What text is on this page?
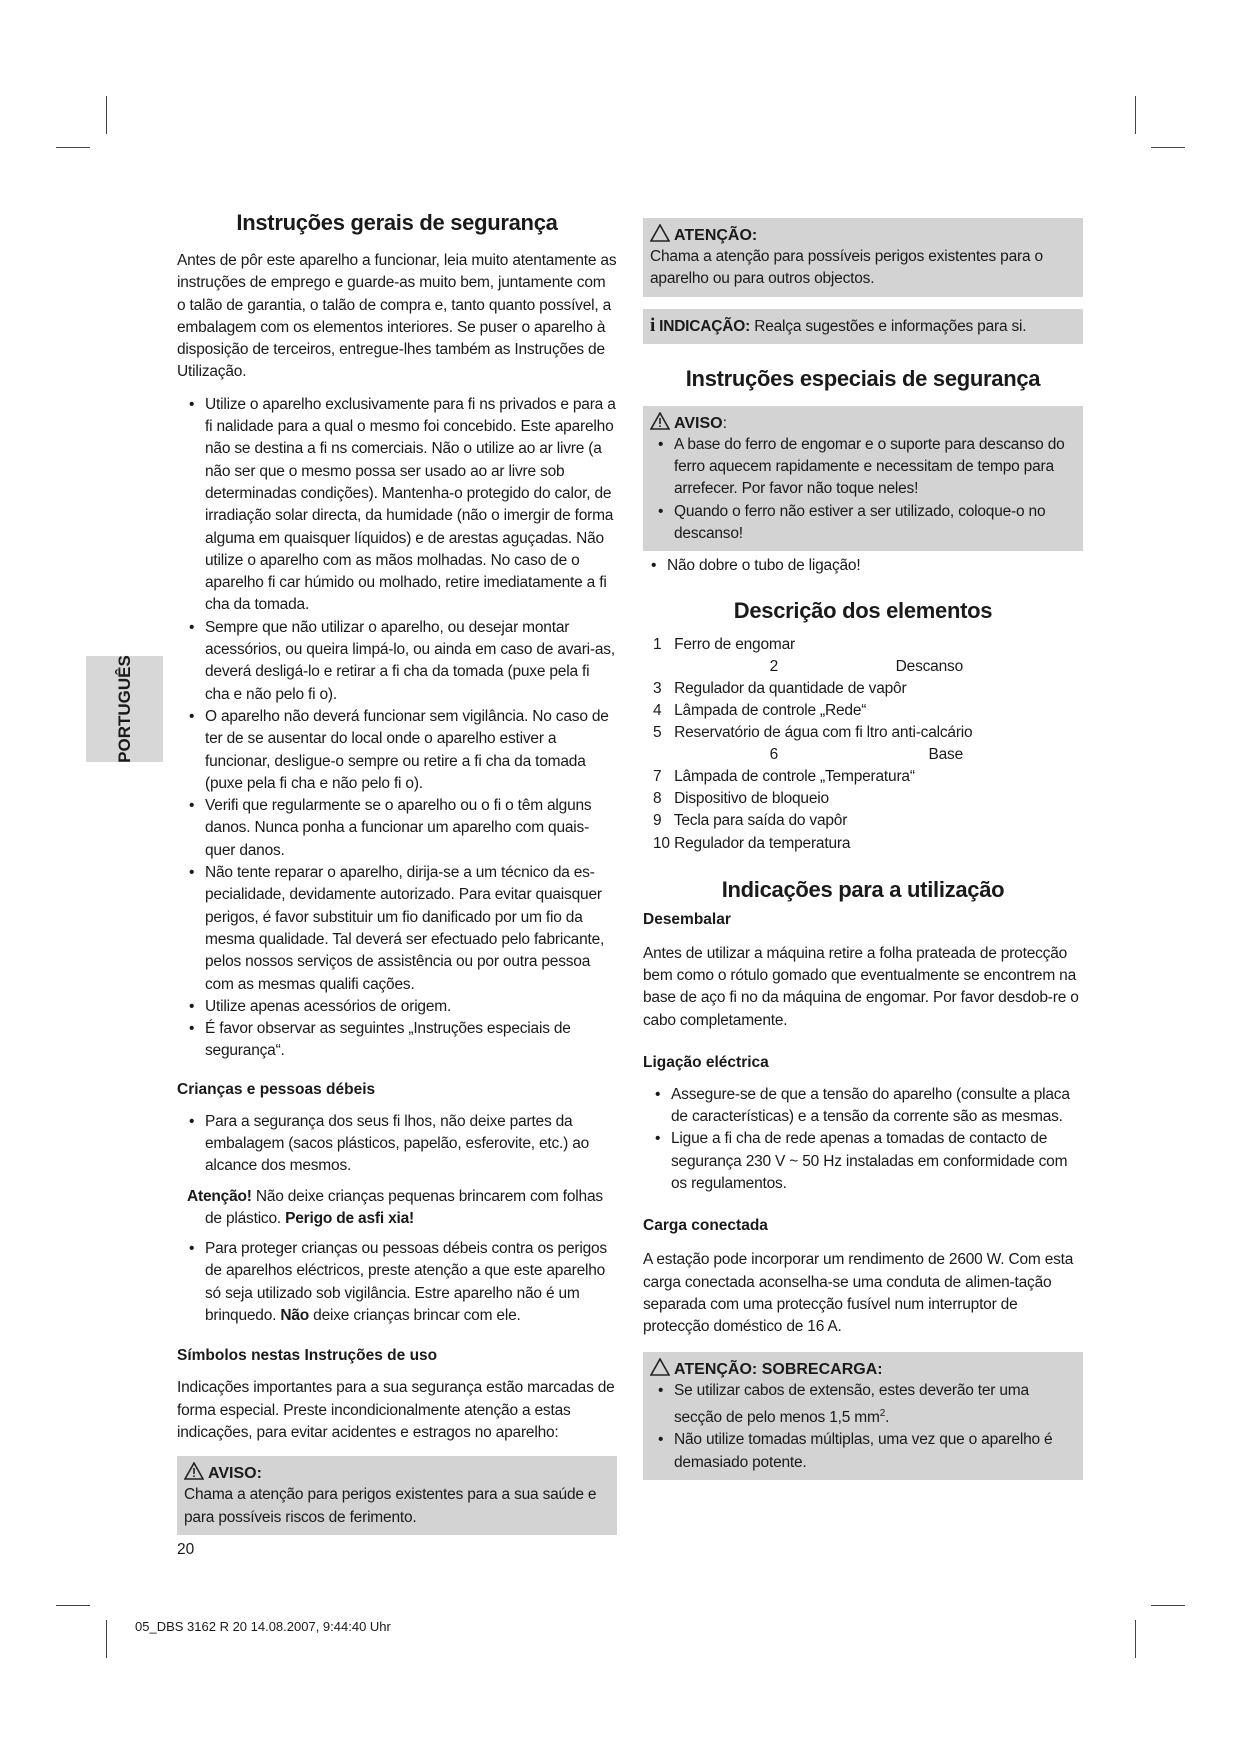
PORTUGUÊS
Instruções gerais de segurança

Antes de pôr este aparelho a funcionar, leia muito atentamente as instruções de emprego e guarde-as muito bem, juntamente com o talão de garantia, o talão de compra e, tanto quanto possível, a embalagem com os elementos interiores. Se puser o aparelho à disposição de terceiros, entregue-lhes também as Instruções de Utilização.

• Utilize o aparelho exclusivamente para fi ns privados e para a fi nalidade para a qual o mesmo foi concebido. Este aparelho não se destina a fi ns comerciais. Não o utilize ao ar livre (a não ser que o mesmo possa ser usado ao ar livre sob determinadas condições). Mantenha-o protegido do calor, de irradiação solar directa, da humidade (não o imergir de forma alguma em quaisquer líquidos) e de arestas aguçadas. Não utilize o aparelho com as mãos molhadas. No caso de o aparelho fi car húmido ou molhado, retire imediatamente a fi cha da tomada.
• Sempre que não utilizar o aparelho, ou desejar montar acessórios, ou queira limpá-lo, ou ainda em caso de avari-as, deverá desligá-lo e retirar a fi cha da tomada (puxe pela fi cha e não pelo fi o).
• O aparelho não deverá funcionar sem vigilância. No caso de ter de se ausentar do local onde o aparelho estiver a funcionar, desligue-o sempre ou retire a fi cha da tomada (puxe pela fi cha e não pelo fi o).
• Verifi que regularmente se o aparelho ou o fi o têm alguns danos. Nunca ponha a funcionar um aparelho com quais-quer danos.
• Não tente reparar o aparelho, dirija-se a um técnico da es-pecialidade, devidamente autorizado. Para evitar quaisquer perigos, é favor substituir um fio danificado por um fio da mesma qualidade. Tal deverá ser efectuado pelo fabricante, pelos nossos serviços de assistência ou por outra pessoa com as mesmas qualifi cações.
• Utilize apenas acessórios de origem.
• É favor observar as seguintes „Instruções especiais de segurança“.
Crianças e pessoas débeis
• Para a segurança dos seus fi lhos, não deixe partes da embalagem (sacos plásticos, papelão, esferovite, etc.) ao alcance dos mesmos.

Atenção! Não deixe crianças pequenas brincarem com folhas de plástico. Perigo de asfi xia!

• Para proteger crianças ou pessoas débeis contra os perigos de aparelhos eléctricos, preste atenção a que este aparelho só seja utilizado sob vigilância. Estre aparelho não é um brinquedo. Não deixe crianças brincar com ele.
Símbolos nestas Instruções de uso

Indicações importantes para a sua segurança estão marcadas de forma especial. Preste incondicionalmente atenção a estas indicações, para evitar acidentes e estragos no aparelho:

AVISO:

Chama a atenção para perigos existentes para a sua saúde e para possíveis riscos de ferimento.

ATENÇÃO:

Chama a atenção para possíveis perigos existentes para o aparelho ou para outros objectos.

i INDICAÇÃO: Realça sugestões e informações para si.

Instruções especiais de segurança
AVISO:
• A base do ferro de engomar e o suporte para descanso do ferro aquecem rapidamente e necessitam de tempo para arrefecer. Por favor não toque neles!
• Quando o ferro não estiver a ser utilizado, coloque-o no descanso!
• Não dobre o tubo de ligação!
Descrição dos elementos
1 Ferro de engomar
2	Descanso
3 Regulador da quantidade de vapôr
4 Lâmpada de controle „Rede“
5 Reservatório de água com fi ltro anti-calcário
6	Base
7 Lâmpada de controle „Temperatura“
8 Dispositivo de bloqueio
9 Tecla para saída do vapôr
10 Regulador da temperatura
Indicações para a utilização
Desembalar

Antes de utilizar a máquina retire a folha prateada de protecção bem como o rótulo gomado que eventualmente se encontrem na base de aço fi no da máquina de engomar. Por favor desdob-re o cabo completamente.

Ligação eléctrica
• Assegure-se de que a tensão do aparelho (consulte a placa de características) e a tensão da corrente são as mesmas.
• Ligue a fi cha de rede apenas a tomadas de contacto de segurança 230 V ~ 50 Hz instaladas em conformidade com os regulamentos.
Carga conectada

A estação pode incorporar um rendimento de 2600 W. Com esta carga conectada aconselha-se uma conduta de alimen-tação separada com uma protecção fusível num interruptor de protecção doméstico de 16 A.

ATENÇÃO: SOBRECARGA:
• Se utilizar cabos de extensão, estes deverão ter uma secção de pelo menos 1,5 $mm^2$.
• Não utilize tomadas múltiplas, uma vez que o aparelho é demasiado potente.
20
05_DBS 3162 R 20 14.08.2007, 9:44:40 Uhr
